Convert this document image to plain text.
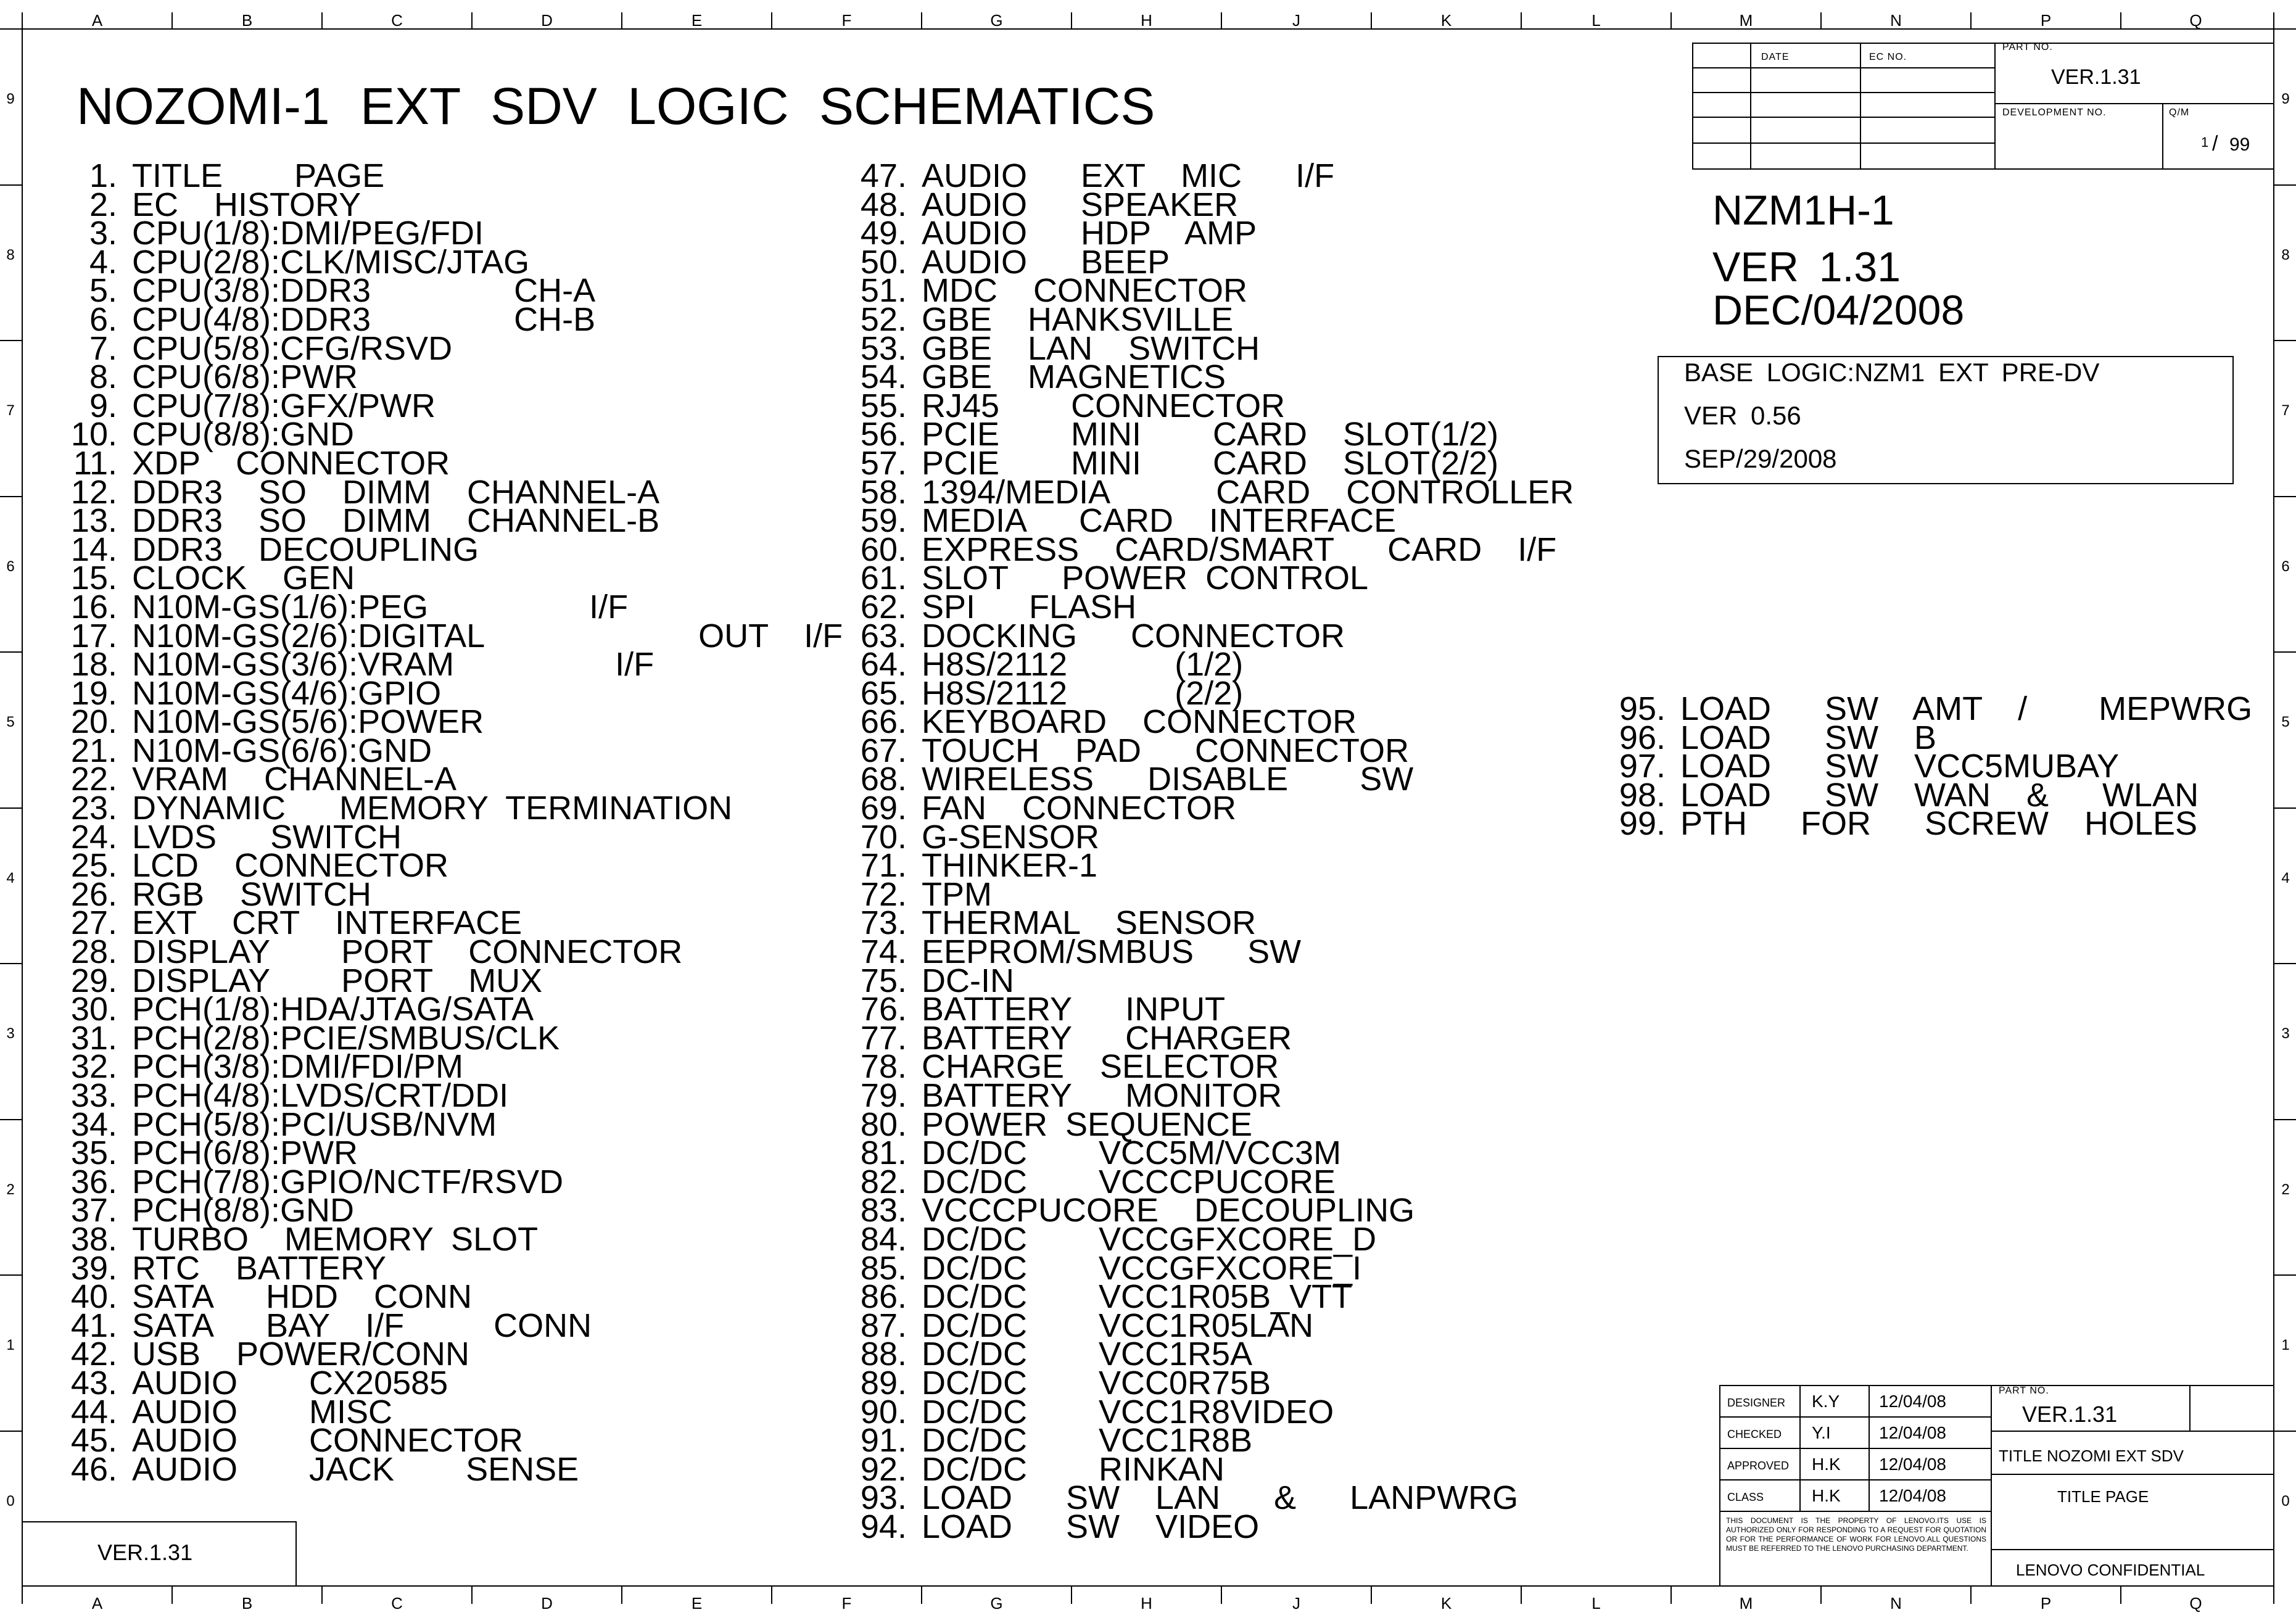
A	B	C	D	E	F	G	H	J	K	L	M	N	P	Q
A	B	C	D	E	F	G	H	J	K	L	M	N	P	Q
9
8
7
6
5
4
3
2
1
0
9
8
7
6
5
4
3
2
1
0
NOZOMI-1 EXT SDV LOGIC SCHEMATICS
1. TITLE    PAGE
2. EC  HISTORY
3. CPU(1/8):DMI/PEG/FDI
4. CPU(2/8):CLK/MISC/JTAG
5. CPU(3/8):DDR3        CH-A
6. CPU(4/8):DDR3        CH-B
7. CPU(5/8):CFG/RSVD
8. CPU(6/8):PWR
9. CPU(7/8):GFX/PWR
10. CPU(8/8):GND
11. XDP  CONNECTOR
12. DDR3  SO  DIMM  CHANNEL-A
13. DDR3  SO  DIMM  CHANNEL-B
14. DDR3  DECOUPLING
15. CLOCK  GEN
16. N10M-GS(1/6):PEG         I/F
17. N10M-GS(2/6):DIGITAL            OUT  I/F
18. N10M-GS(3/6):VRAM         I/F
19. N10M-GS(4/6):GPIO
20. N10M-GS(5/6):POWER
21. N10M-GS(6/6):GND
22. VRAM  CHANNEL-A
23. DYNAMIC   MEMORY TERMINATION
24. LVDS   SWITCH
25. LCD  CONNECTOR
26. RGB  SWITCH
27. EXT  CRT  INTERFACE
28. DISPLAY    PORT  CONNECTOR
29. DISPLAY    PORT  MUX
30. PCH(1/8):HDA/JTAG/SATA
31. PCH(2/8):PCIE/SMBUS/CLK
32. PCH(3/8):DMI/FDI/PM
33. PCH(4/8):LVDS/CRT/DDI
34. PCH(5/8):PCI/USB/NVM
35. PCH(6/8):PWR
36. PCH(7/8):GPIO/NCTF/RSVD
37. PCH(8/8):GND
38. TURBO  MEMORY SLOT
39. RTC  BATTERY
40. SATA   HDD  CONN
41. SATA   BAY  I/F     CONN
42. USB  POWER/CONN
43. AUDIO    CX20585
44. AUDIO    MISC
45. AUDIO    CONNECTOR
46. AUDIO    JACK    SENSE
47. AUDIO   EXT  MIC   I/F
48. AUDIO   SPEAKER
49. AUDIO   HDP  AMP
50. AUDIO   BEEP
51. MDC  CONNECTOR
52. GBE  HANKSVILLE
53. GBE  LAN  SWITCH
54. GBE  MAGNETICS
55. RJ45    CONNECTOR
56. PCIE    MINI    CARD  SLOT(1/2)
57. PCIE    MINI    CARD  SLOT(2/2)
58. 1394/MEDIA      CARD  CONTROLLER
59. MEDIA   CARD  INTERFACE
60. EXPRESS  CARD/SMART   CARD  I/F
61. SLOT   POWER CONTROL
62. SPI   FLASH
63. DOCKING   CONNECTOR
64. H8S/2112      (1/2)
65. H8S/2112      (2/2)
66. KEYBOARD  CONNECTOR
67. TOUCH  PAD   CONNECTOR
68. WIRELESS   DISABLE    SW
69. FAN  CONNECTOR
70. G-SENSOR
71. THINKER-1
72. TPM
73. THERMAL  SENSOR
74. EEPROM/SMBUS   SW
75. DC-IN
76. BATTERY   INPUT
77. BATTERY   CHARGER
78. CHARGE  SELECTOR
79. BATTERY   MONITOR
80. POWER SEQUENCE
81. DC/DC    VCC5M/VCC3M
82. DC/DC    VCCCPUCORE
83. VCCCPUCORE  DECOUPLING
84. DC/DC    VCCGFXCORE_D
85. DC/DC    VCCGFXCORE_I
86. DC/DC    VCC1R05B_VTT
87. DC/DC    VCC1R05LAN
88. DC/DC    VCC1R5A
89. DC/DC    VCC0R75B
90. DC/DC    VCC1R8VIDEO
91. DC/DC    VCC1R8B
92. DC/DC    RINKAN
93. LOAD   SW  LAN   &   LANPWRG
94. LOAD   SW  VIDEO
95. LOAD   SW  AMT  /    MEPWRG
96. LOAD   SW  B
97. LOAD   SW  VCC5MUBAY
98. LOAD   SW  WAN  &   WLAN
99. PTH   FOR   SCREW  HOLES
DATE	EC NO.
PART NO.
VER.1.31
DEVELOPMENT NO.	Q/M
1 / 99
NZM1H-1
VER 1.31
DEC/04/2008
BASE LOGIC:NZM1 EXT PRE-DV
VER 0.56
SEP/29/2008
VER.1.31
DESIGNER K.Y 12/04/08
CHECKED Y.I	12/04/08
APPROVED H.K 12/04/08
CLASS	H.K 12/04/08
PART NO.
VER.1.31
TITLE NOZOMI EXT SDV
TITLE PAGE
THIS DOCUMENT IS THE PROPERTY OF LENOVO.ITS USE IS AUTHORIZED ONLY FOR RESPONDING TO A REQUEST FOR QUOTATION OR FOR THE PERFORMANCE OF WORK FOR LENOVO.ALL QUESTIONS MUST BE REFERRED TO THE LENOVO PURCHASING DEPARTMENT.
LENOVO CONFIDENTIAL
